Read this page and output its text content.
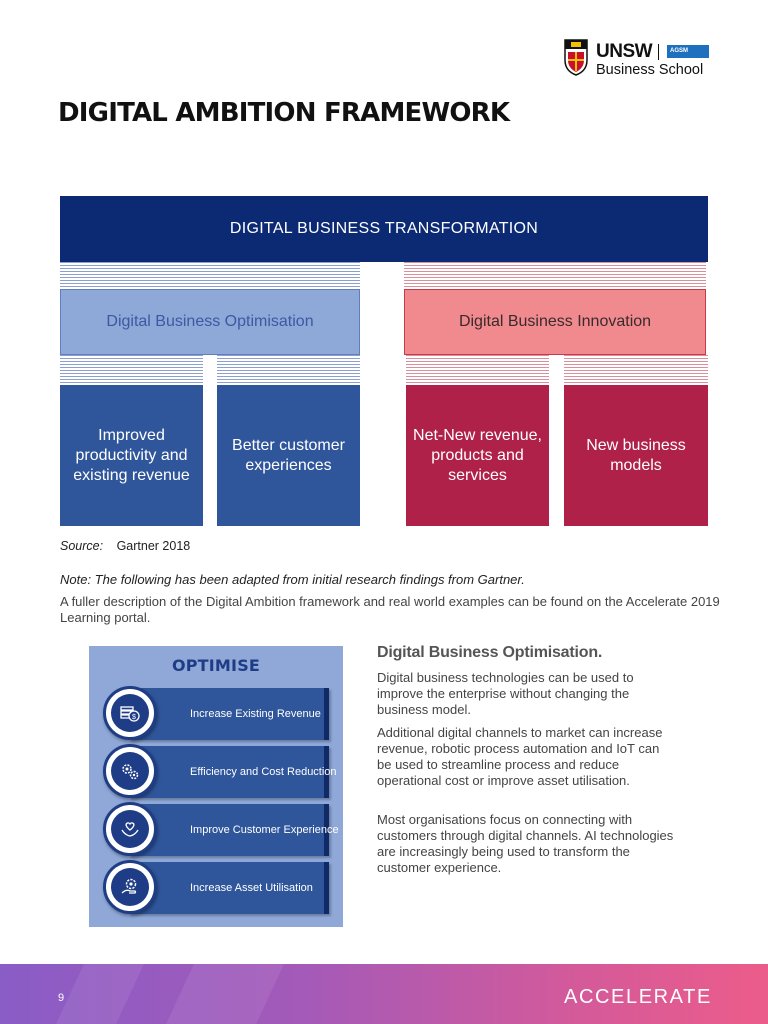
UNSW	AGSM
Business School
DIGITAL AMBITION FRAMEWORK
DIGITAL BUSINESS TRANSFORMATION
Digital Business Optimisation	Digital Business Innovation
Improved productivity and existing revenue
Better customer experiences
Net-New revenue, products and services
New business models
Source: Gartner 2018

Note: The following has been adapted from initial research findings from Gartner.

A fuller description of the Digital Ambition framework and real world examples can be found on the Accelerate 2019 Learning portal.

OPTIMISE
Increase Existing Revenue
$
Efficiency and Cost Reduction
Improve Customer Experience
Increase Asset Utilisation
Digital Business Optimisation.

Digital business technologies can be used to improve the enterprise without changing the business model.

Additional digital channels to market can increase revenue, robotic process automation and IoT can be used to streamline process and reduce operational cost or improve asset utilisation.

Most organisations focus on connecting with customers through digital channels. AI technologies are increasingly being used to transform the customer experience.

9	ACCELERATE
